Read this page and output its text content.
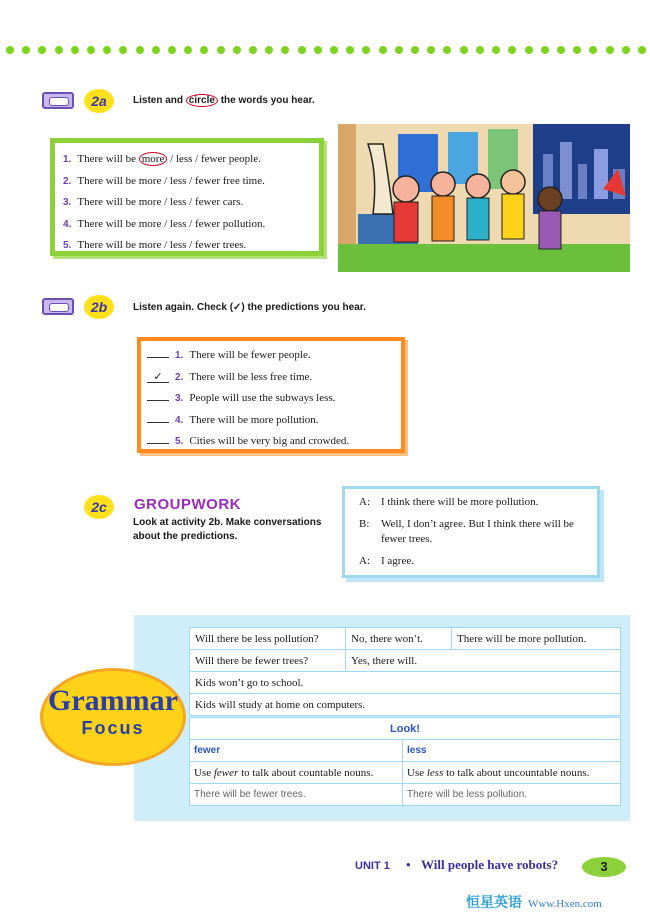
2a	Listen and circle the words you hear.
1. There will be more / less / fewer people.
2. There will be more / less / fewer free time.
3. There will be more / less / fewer cars.
4. There will be more / less / fewer pollution.
5. There will be more / less / fewer trees.
2b	Listen again. Check (✓) the predictions you hear.
1. There will be fewer people.
✓ 2. There will be less free time.
3. People will use the subways less.
4. There will be more pollution.
5. Cities will be very big and crowded.
2c	GROUPWORK
Look at activity 2b. Make conversations about the predictions.
A: I think there will be more pollution.
B: Well, I don’t agree. But I think there will be fewer trees.
A: I agree.
Will there be less pollution?	No, there won’t.	There will be more pollution.
Will there be fewer trees?	Yes, there will.	
Kids won’t go to school.		
Kids will study at home on computers.		
Look!	
fewer	less
Use fewer to talk about countable nouns.	Use less to talk about uncountable nouns.
There will be fewer trees.	There will be less pollution.
Grammar
Focus
UNIT 1 • Will people have robots?	3
恒星英语 Www.Hxen.com
